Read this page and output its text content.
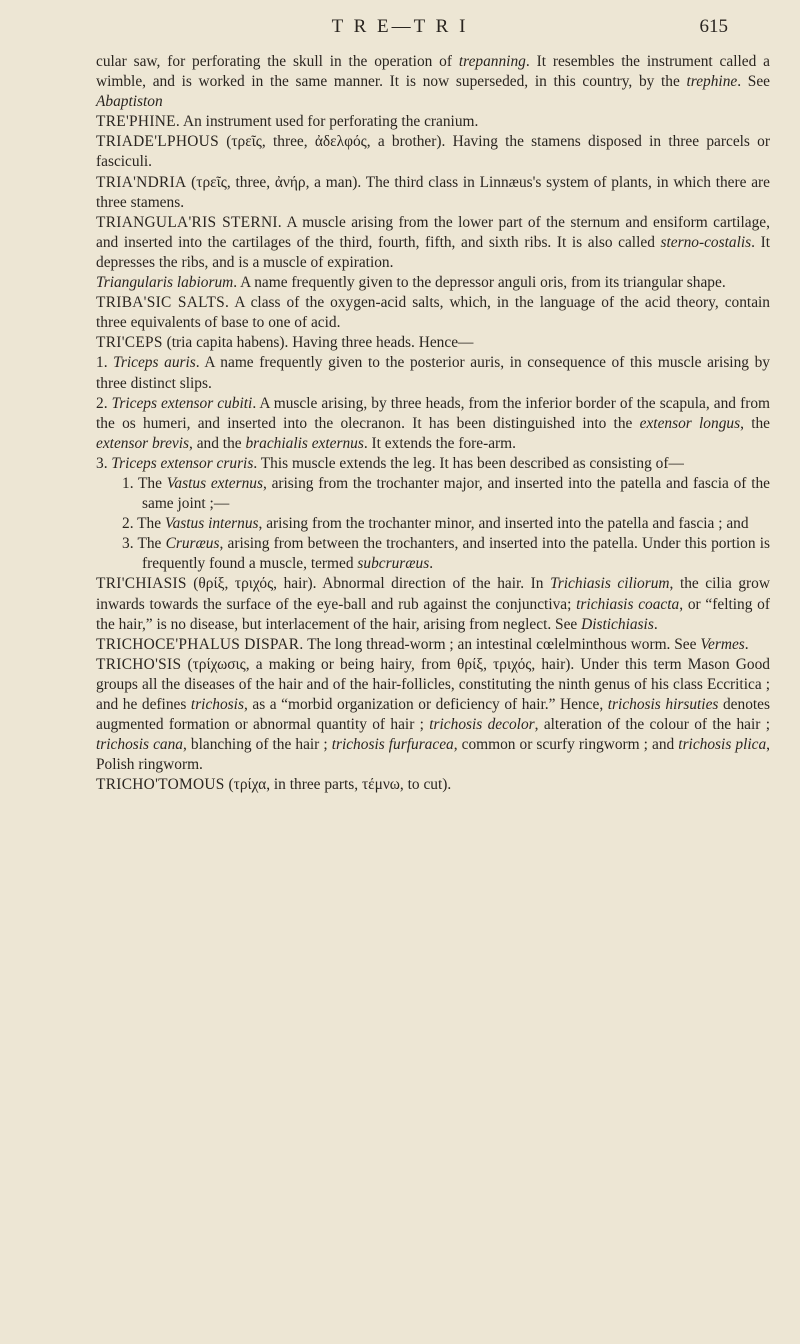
T R E—T R I	615

cular saw, for perforating the skull in the operation of trepanning. It resembles the instrument called a wimble, and is worked in the same manner. It is now superseded, in this country, by the trephine. See Abaptiston

TRE'PHINE. An instrument used for perforating the cranium.

TRIADE'LPHOUS (τρεῖς, three, ἀδελφός, a brother). Having the stamens disposed in three parcels or fasciculi.

TRIA'NDRIA (τρεῖς, three, ἀνήρ, a man). The third class in Linnæus's system of plants, in which there are three stamens.

TRIANGULA'RIS STERNI. A muscle arising from the lower part of the sternum and ensiform cartilage, and inserted into the cartilages of the third, fourth, fifth, and sixth ribs. It is also called sterno-costalis. It depresses the ribs, and is a muscle of expiration.

Triangularis labiorum. A name frequently given to the depressor anguli oris, from its triangular shape.

TRIBA'SIC SALTS. A class of the oxygen-acid salts, which, in the language of the acid theory, contain three equivalents of base to one of acid.

TRI'CEPS (tria capita habens). Having three heads. Hence—

1. Triceps auris. A name frequently given to the posterior auris, in consequence of this muscle arising by three distinct slips.

2. Triceps extensor cubiti. A muscle arising, by three heads, from the inferior border of the scapula, and from the os humeri, and inserted into the olecranon. It has been distinguished into the extensor longus, the extensor brevis, and the brachialis externus. It extends the fore-arm.

3. Triceps extensor cruris. This muscle extends the leg. It has been described as consisting of—

1. The Vastus externus, arising from the trochanter major, and inserted into the patella and fascia of the same joint ;—

2. The Vastus internus, arising from the trochanter minor, and inserted into the patella and fascia ; and

3. The Cruræus, arising from between the trochanters, and inserted into the patella. Under this portion is frequently found a muscle, termed subcruræus.

TRI'CHIASIS (θρίξ, τριχός, hair). Abnormal direction of the hair. In Trichiasis ciliorum, the cilia grow inwards towards the surface of the eye-ball and rub against the conjunctiva; trichiasis coacta, or “felting of the hair,” is no disease, but interlacement of the hair, arising from neglect. See Distichiasis.

TRICHOCE'PHALUS DISPAR. The long thread-worm ; an intestinal cœlelminthous worm. See Vermes.

TRICHO'SIS (τρίχωσις, a making or being hairy, from θρίξ, τριχός, hair). Under this term Mason Good groups all the diseases of the hair and of the hair-follicles, constituting the ninth genus of his class Eccritica ; and he defines trichosis, as a “morbid organization or deficiency of hair.” Hence, trichosis hirsuties denotes augmented formation or abnormal quantity of hair ; trichosis decolor, alteration of the colour of the hair ; trichosis cana, blanching of the hair ; trichosis furfuracea, common or scurfy ringworm ; and trichosis plica, Polish ringworm.

TRICHO'TOMOUS (τρίχα, in three parts, τέμνω, to cut).
